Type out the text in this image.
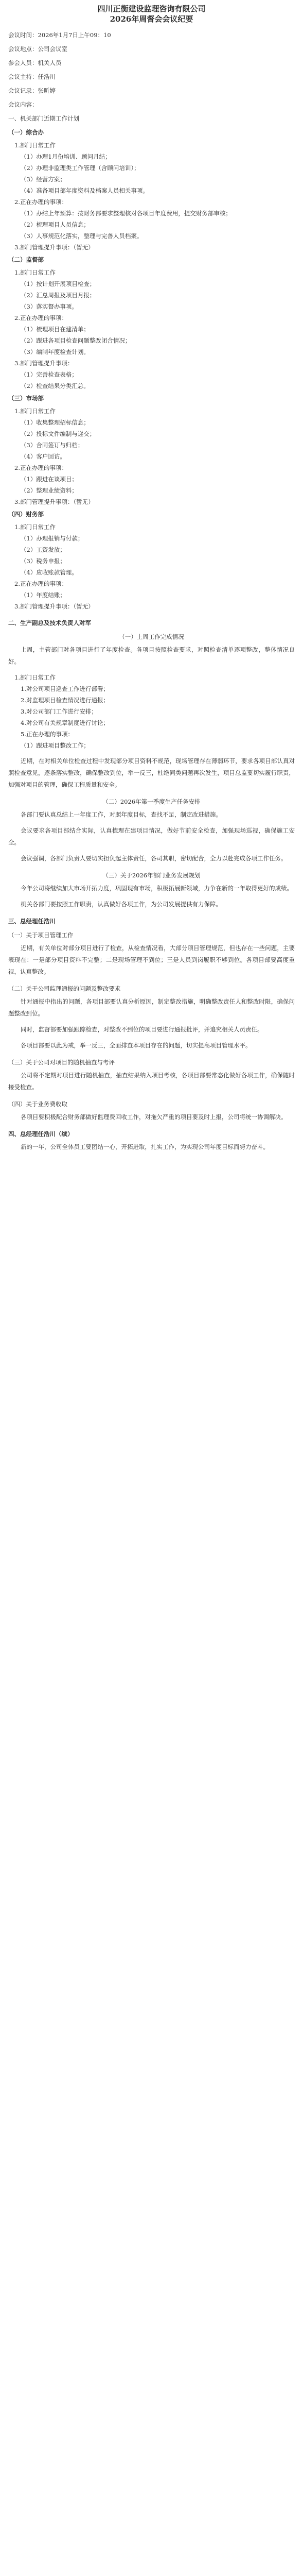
四川正衡建设监理咨询有限公司

2026年周督会会议纪要

会议时间：2026年1月7日上午09：10

会议地点：公司会议室

参会人员：机关人员

会议主持：任浩川

会议记录：张昕婷

会议内容：

一、机关部门近期工作计划

（一）综合办

1.部门日常工作

（1）办理1月份培训、顾问月结；

（2）办理非监理类工作管理（含顾问培训）；

（3）经营方案；

（4）准备项目部年度资料及档案人员相关事项。

2.正在办理的事项：

（1）办结上年预算：按财务部要求整理核对各项目年度费用，提交财务部审核；

（2）梳理项目人员信息；

（3）人事规范化落实，整理与完善人员档案。

3.部门管理提升事项：（暂无）

（二）监督部

1.部门日常工作

（1）按计划开展项目检查；

（2）汇总周报及项目月报；

（3）落实督办事项。

2.正在办理的事项：

（1）梳理项目在建清单；

（2）跟进各项目检查问题整改闭合情况；

（3）编制年度检查计划。

3.部门管理提升事项：

（1）完善检查表格；

（2）检查结果分类汇总。

（三）市场部

1.部门日常工作

（1）收集整理招标信息；

（2）投标文件编制与递交；

（3）合同签订与归档；

（4）客户回访。

2.正在办理的事项：

（1）跟进在谈项目；

（2）整理业绩资料；

3.部门管理提升事项：（暂无）

（四）财务部

1.部门日常工作

（1）办理报销与付款；

（2）工资发放；

（3）税务申报；

（4）应收账款管理。

2.正在办理的事项：

（1）年度结账；

3.部门管理提升事项：（暂无）

二、生产副总及技术负责人对军

（一）上周工作完成情况

上周，主管部门对各项目进行了年度检查。各项目按照检查要求，对照检查清单逐项整改，整体情况良好。

1.部门日常工作

1.对公司项目巡查工作进行部署；

2.对监理项目检查情况进行通报；

3.对公司部门工作进行安排；

4.对公司有关规章制度进行讨论；

5.正在办理的事项：

（1）跟进项目整改工作；

近期，在对相关单位检查过程中发现部分项目资料不规范，现场管理存在薄弱环节，要求各项目部认真对照检查意见，逐条落实整改，确保整改到位，举一反三，杜绝同类问题再次发生，项目总监要切实履行职责，加强对项目的管理，确保工程质量和安全。

（二）2026年第一季度生产任务安排

各部门要认真总结上一年度工作，对照年度目标，查找不足，制定改进措施。

会议要求各项目部结合实际，认真梳理在建项目情况，做好节前安全检查，加强现场巡视，确保施工安全。

会议强调，各部门负责人要切实担负起主体责任，各司其职，密切配合，全力以赴完成各项工作任务。

（三）关于2026年部门业务发展规划

今年公司将继续加大市场开拓力度，巩固现有市场，积极拓展新领域，力争在新的一年取得更好的成绩。

机关各部门要按照工作职责，认真做好各项工作，为公司发展提供有力保障。

三、总经理任浩川

（一）关于项目管理工作

近期，有关单位对部分项目进行了检查，从检查情况看，大部分项目管理规范，但也存在一些问题，主要表现在：一是部分项目资料不完整；二是现场管理不到位；三是人员到岗履职不够到位。各项目部要高度重视，认真整改。

（二）关于公司监理通报的问题及整改要求

针对通报中指出的问题，各项目部要认真分析原因，制定整改措施，明确整改责任人和整改时限，确保问题整改到位。

同时，监督部要加强跟踪检查，对整改不到位的项目要进行通报批评，并追究相关人员责任。

各项目部要以此为戒，举一反三，全面排查本项目存在的问题，切实提高项目管理水平。

（三）关于公司对项目的随机抽查与考评

公司将不定期对项目进行随机抽查，抽查结果纳入项目考核，各项目部要常态化做好各项工作，确保随时接受检查。

（四）关于业务费收取

各项目要积极配合财务部做好监理费回收工作，对拖欠严重的项目要及时上报，公司将统一协调解决。

四、总经理任浩川（续）

新的一年，公司全体员工要团结一心，开拓进取，扎实工作，为实现公司年度目标而努力奋斗。
